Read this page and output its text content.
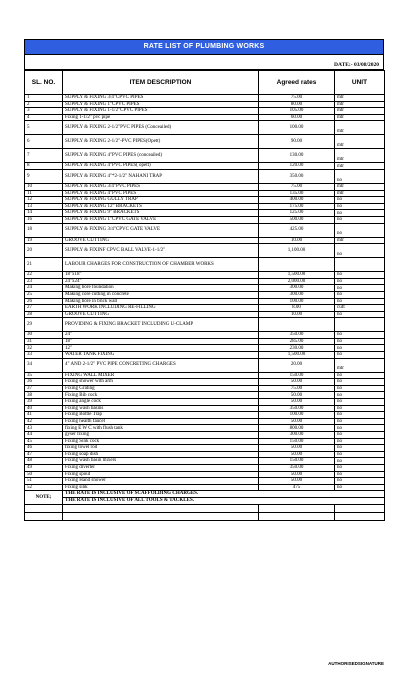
RATE LIST OF PLUMBING WORKS
DATE:- 03/08/2020
SL. NO.	ITEM DESCRIPTION	Agreed rates	UNIT
1	SUPPLY & FIXING 3/4"CPVC PIPES	75.00	mtr
2	SUPPLY & FIXING 1"CPVC PIPES	80.00	mtr
3	SUPPLY & FIXING 1-1/2"CPVC PIPES	105.00	mtr
4	Fixing 1-1/2" pvc pipe	60.00	mtr
5	SUPPLY & FIXING 2-1/2"PVC PIPES (Conceailed)	100.00	mtr
6	SUPPLY & FIXING 2-1/2"-PVC PIPES(Opett)	90.00	mtr
7	SUPPLY & FIXING 4"PVC PIPES (conceailed)	130.00	mtr
8	SUPPLY & FIXING 4"PVC PIPES( opett)	120.00	mtr
9	SUPPLY & FIXING 4"*2-1/2" NAHANI TRAP	350.00	no
10	SUPPLY & FIXING 3/4"PVC PIPES	75.00	mtr
11	SUPPLY & FIXING 4"PVC PIPES	135.00	mtr
12	SUPPLY & FIXING GULLY TRAP	400.00	no
13	SUPPLY & FIXING 12" BRACKETS	175.00	no
14	SUPPLY & FIXING 9" BRACKETS	125.00	no
16	SUPPLY & FIXING 1"CPVC GATE VALVE	500.00	no
18	SUPPLY & FIXING 3/4"CPVC GATE VALVE	425.00	no
19	GROOVE CUTTING	10.00	mtr
20	SUPPLY & FIXINF CPVC BALL VALVE-1-1/2"	1,100.00	no
21	LABOUR CHARGES FOR CONSTRUCTION OF CHAMBER WORKS		
22	18"x18"	1,500.00	no
23	24"x24"	2,000.00	no
24	Making bore foundation	300.00	no
25	Making core cutting in concrete	300.00	no
26	Making bore in brick wall	100.00	no
27	EARTH WORK INCLUDING RE-FILLING	8.00	cuft
28	GROOVE CUTTING	10.00	no
29	PROVIDING & FIXING BRACKET INCLUDING U-CLAMP		
30	24"	350.00	no
31	18"	285.00	no
32	12"	230.00	no
33	WATER TANK FIXING	1,500.00	no
34	4" AND 2-1/2" PVC PIPE CONCRETING CHARGES	20.00	mtr
35	FIXING WALL MIXER	150.00	no
36	Fixing shower with arm	50.00	no
37	Fixing Grating	75.00	no
38	Fixing Bib cock	50.00	no
39	Fixing angle cock	50.00	no
40	Fixing wash basins	350.00	no
41	Fixing Bottle Trap	100.00	no
42	Fixing health faucet	50.00	no
43	fixing E W C with flush tank	800.00	no
44	gyser fixing	300.00	no
45	Fixing Sink cock	150.00	no
46	fixing towel rod	50.00	no
47	Fixing soap dish	50.00	no
48	Fixing wash basin mixers	150.00	no
49	Fixing diverter	350.00	no
50	Fixing spout	50.00	no
51	Fixing Hand shower	50.00	no
52	Fixing sink	475	no
NOTE;	THE RATE IS INCLUSIVE OF SCAFFOLDING CHARGES.		
	THE RATE IS INCLUSIVE OF ALL TOOLS & TACKLES.		

AUTHORISEDSIGNATURE
